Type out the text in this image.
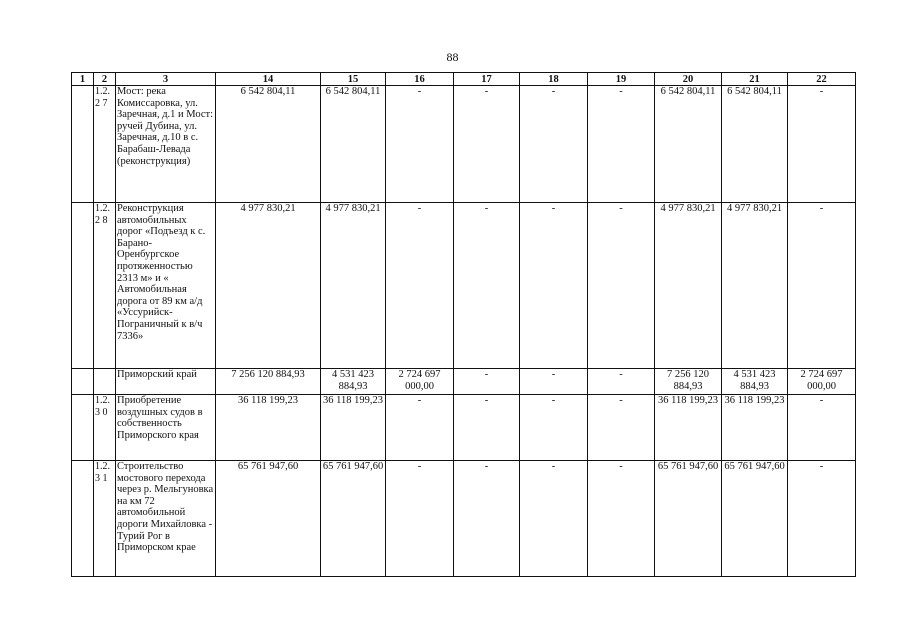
88
1	2	3	14	15	16	17	18	19	20	21	22
	1.2.2 7	Мост: река Комиссаровка, ул. Заречная, д.1 и Мост: ручей Дубина, ул. Заречная, д.10 в с. Барабаш-Левада (реконструкция)	6 542 804,11	6 542 804,11	-	-	-	-	6 542 804,11	6 542 804,11	-
	1.2.2 8	Реконструкция автомобильных дорог «Подъезд к с. Барано-Оренбургское протяженностью 2313 м» и « Автомобильная дорога от 89 км а/д «Уссурийск-Пограничный к в/ч 7336»	4 977 830,21	4 977 830,21	-	-	-	-	4 977 830,21	4 977 830,21	-
		Приморский край	7 256 120 884,93	4 531 423 884,93	2 724 697 000,00	-	-	-	7 256 120 884,93	4 531 423 884,93	2 724 697 000,00
	1.2.3 0	Приобретение воздушных судов в собственность Приморского края	36 118 199,23	36 118 199,23	-	-	-	-	36 118 199,23	36 118 199,23	-
	1.2.3 1	Строительство мостового перехода через р. Мельгуновка на км 72 автомобильной дороги Михайловка - Турий Рог в Приморском крае	65 761 947,60	65 761 947,60	-	-	-	-	65 761 947,60	65 761 947,60	-
